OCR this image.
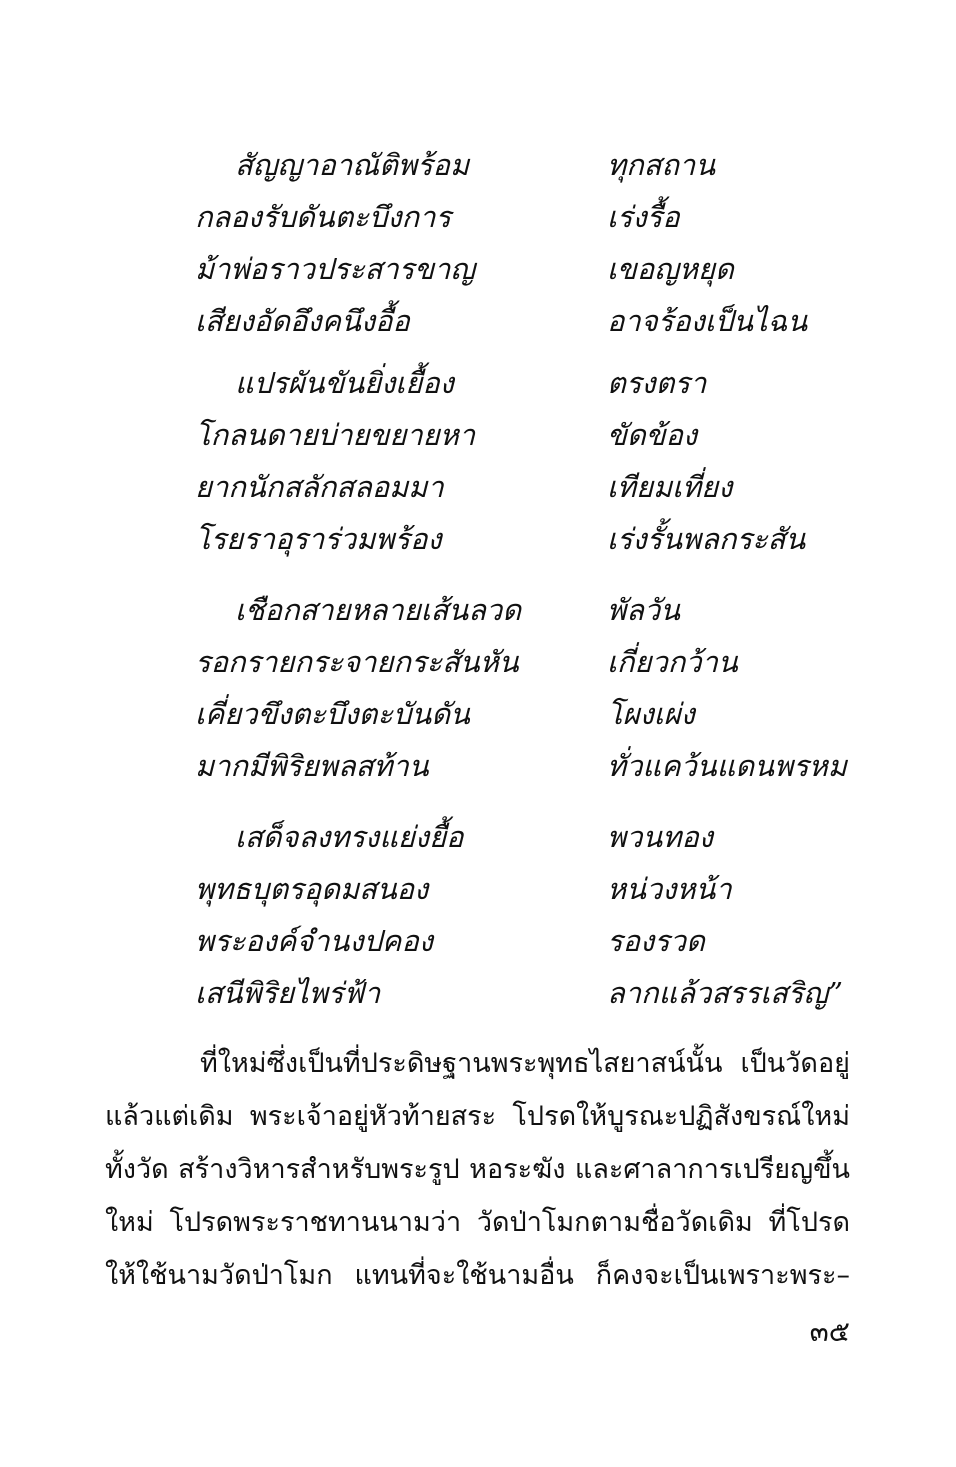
สัญญาอาณัติพร้อม	ทุกสถาน
กลองรับดันตะบึงการ	เร่งรื้อ
ม้าพ่อราวประสารขาญ	เขอญหยุด
เสียงอัดอึงคนึงอื้อ	อาจร้องเป็นไฉน
แปรผันขันยิ่งเยื้อง	ตรงตรา
โกลนดายบ่ายขยายหา	ขัดข้อง
ยากนักสลักสลอมมา	เทียมเที่ยง
โรยราอุราร่วมพร้อง	เร่งรั้นพลกระสัน
เชือกสายหลายเส้นลวด	พัลวัน
รอกรายกระจายกระสันหัน	เกี่ยวกว้าน
เคี่ยวขึงตะบึงตะบันดัน	โผงเผ่ง
มากมีพิริยพลสท้าน	ทั่วแคว้นแดนพรหม
เสด็จลงทรงแย่งยื้อ	พวนทอง
พุทธบุตรอุดมสนอง	หน่วงหน้า
พระองค์จำนงปคอง	รองรวด
เสนีพิริยไพร่ฟ้า	ลากแล้วสรรเสริญ”

ที่ใหม่ซึ่งเป็นที่ประดิษฐานพระพุทธไสยาสน์นั้น เป็นวัดอยู่แล้วแต่เดิม พระเจ้าอยู่หัวท้ายสระ โปรดให้บูรณะปฏิสังขรณ์ใหม่ทั้งวัด สร้างวิหารสำหรับพระรูป หอระฆัง และศาลาการเปรียญขึ้นใหม่ โปรดพระราชทานนามว่า วัดป่าโมกตามชื่อวัดเดิม ที่โปรดให้ใช้นามวัดป่าโมก แทนที่จะใช้นามอื่น ก็คงจะเป็นเพราะพระ–

๓๕
